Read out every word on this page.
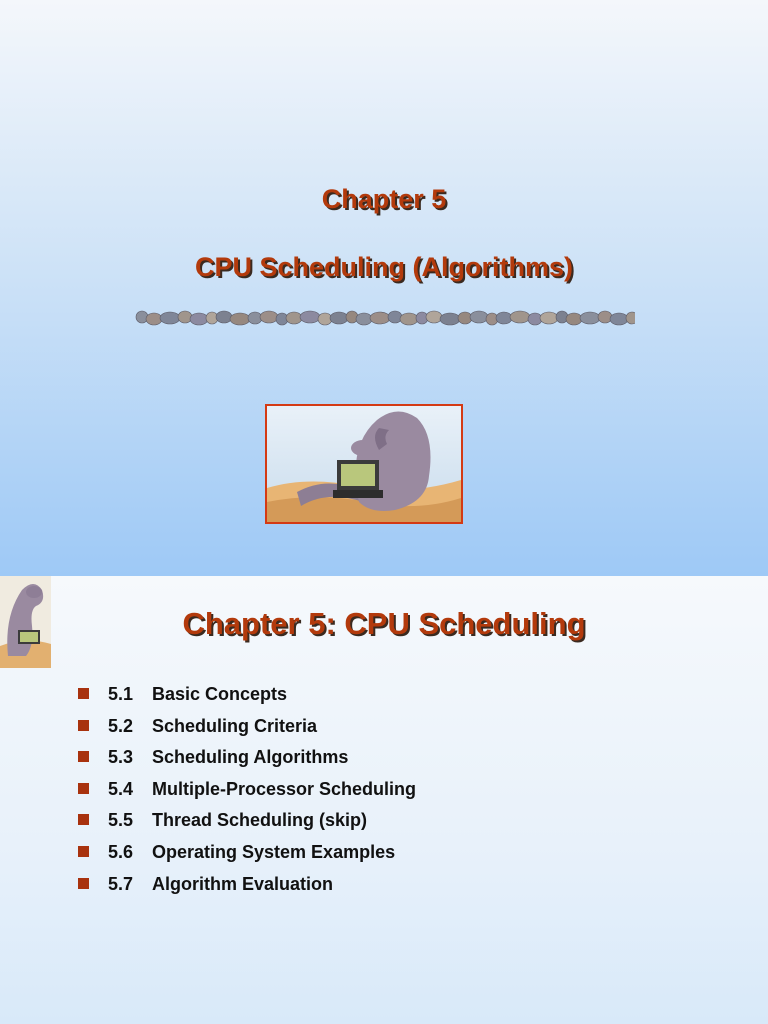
Chapter 5
CPU Scheduling (Algorithms)
Chapter 5: CPU Scheduling
5.1 Basic Concepts
5.2 Scheduling Criteria
5.3 Scheduling Algorithms
5.4 Multiple-Processor Scheduling
5.5 Thread Scheduling (skip)
5.6 Operating System Examples
5.7 Algorithm Evaluation
